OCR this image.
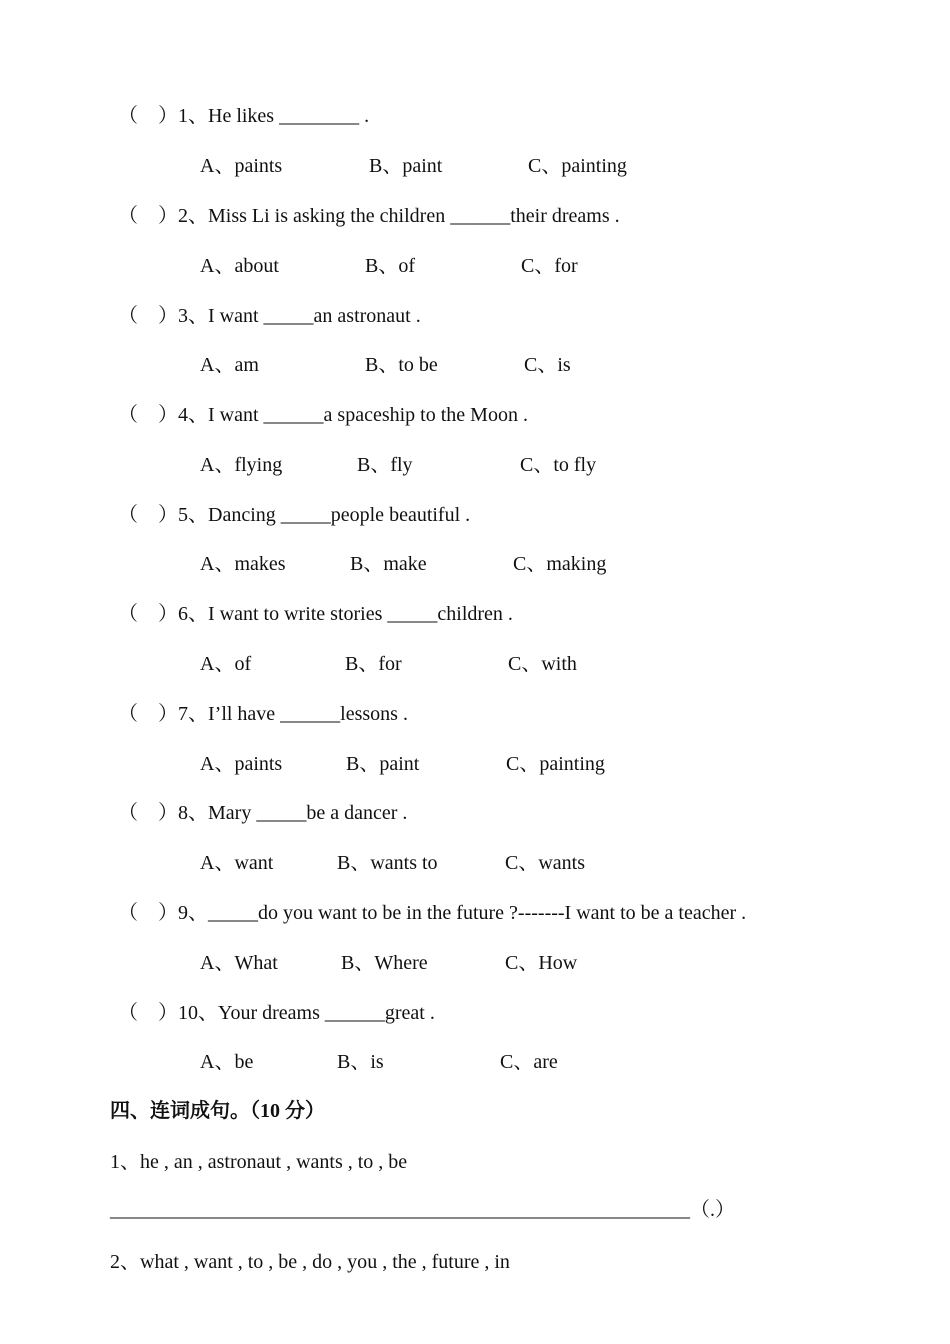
（　）1、He likes ________ .

A、paints

	B、paint

	C、painting

（　）2、Miss Li is asking the children ______their dreams .

A、about

	B、of

	C、for

（　）3、I want _____an astronaut .

A、am

	B、to be

	C、is

（　）4、I want ______a spaceship to the Moon .

A、flying

	B、fly

	C、to fly

（　）5、Dancing _____people beautiful .

A、makes

	B、make

	C、making

（　）6、I want to write stories _____children .

A、of

	B、for

	C、with

（　）7、I’ll have ______lessons .

A、paints

	B、paint

	C、painting

（　）8、Mary _____be a dancer .

A、want

	B、wants to

	C、wants

（　）9、_____do you want to be in the future ?-------I want to be a teacher .

A、What

	B、Where

	C、How

（　）10、Your dreams ______great .

A、be

	B、is

	C、are

四、连词成句。（10 分）
1、he , an , astronaut , wants , to , be
__________________________________________________________（.）
2、what , want , to , be , do , you , the , future , in
